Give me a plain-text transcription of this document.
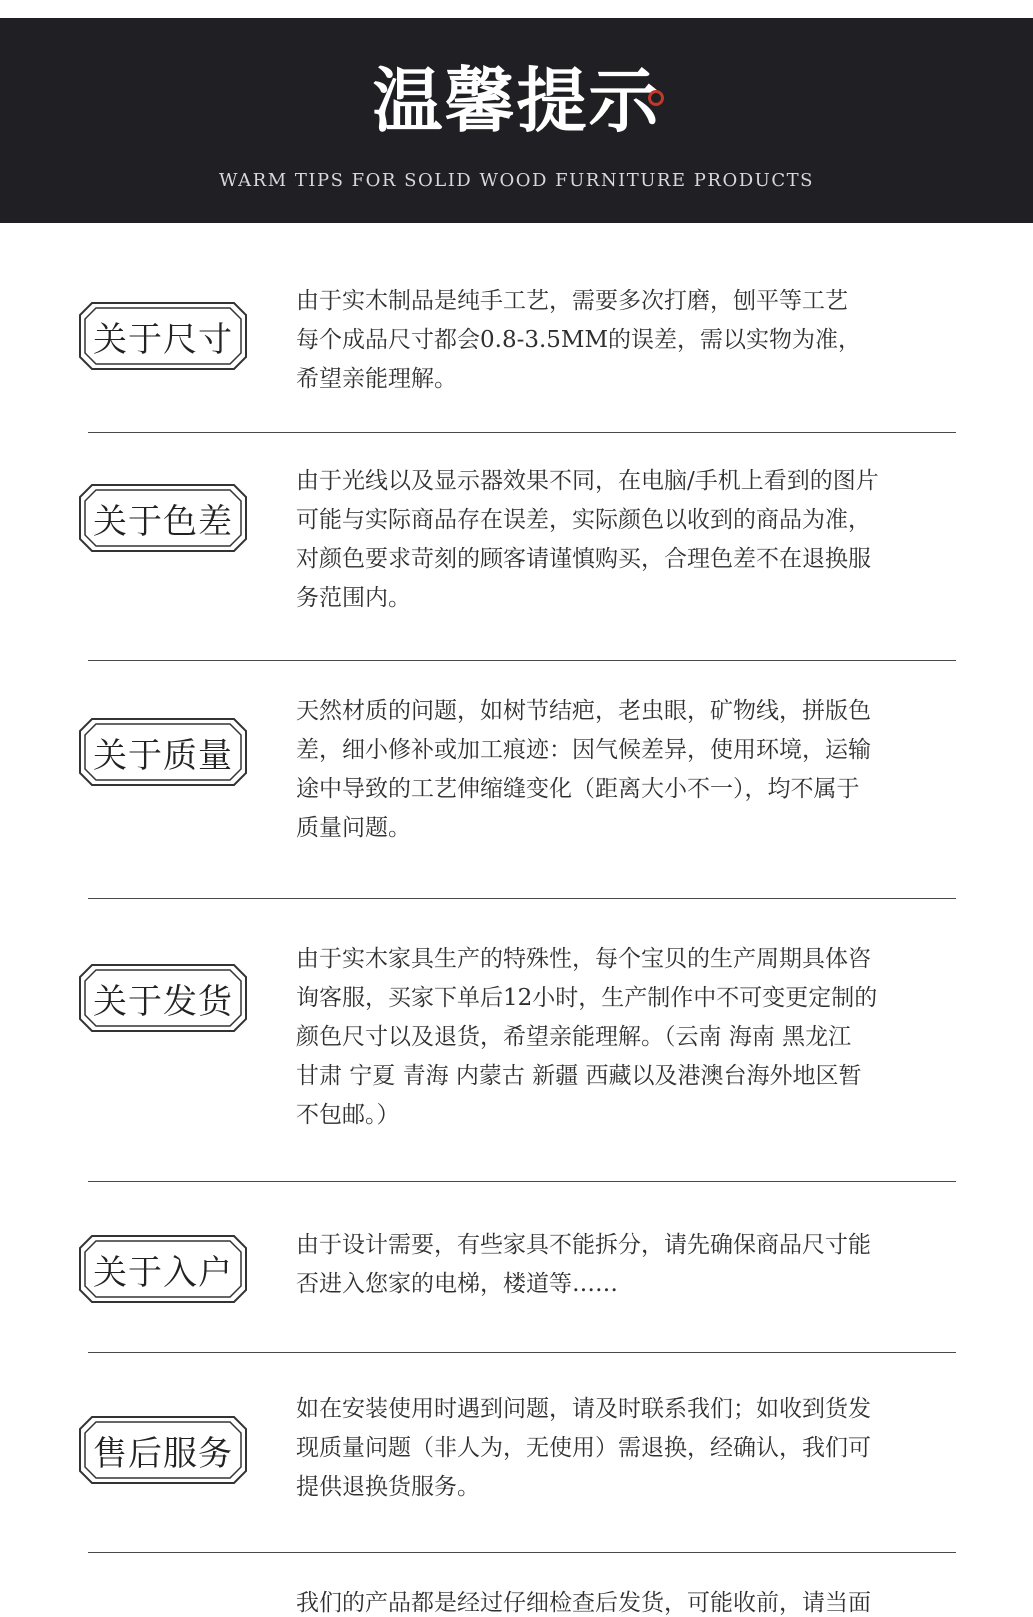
温馨提示
WARM TIPS FOR SOLID WOOD FURNITURE PRODUCTS
关于尺寸
由于实木制品是纯手工艺，需要多次打磨，刨平等工艺
每个成品尺寸都会0.8-3.5MM的误差，需以实物为准，
希望亲能理解。
关于色差
由于光线以及显示器效果不同，在电脑/手机上看到的图片
可能与实际商品存在误差，实际颜色以收到的商品为准，
对颜色要求苛刻的顾客请谨慎购买，合理色差不在退换服
务范围内。
关于质量
天然材质的问题，如树节结疤，老虫眼，矿物线，拼版色
差，细小修补或加工痕迹：因气候差异，使用环境，运输
途中导致的工艺伸缩缝变化（距离大小不一），均不属于
质量问题。
关于发货
由于实木家具生产的特殊性，每个宝贝的生产周期具体咨
询客服，买家下单后12小时，生产制作中不可变更定制的
颜色尺寸以及退货，希望亲能理解。（云南 海南 黑龙江
甘肃 宁夏 青海 内蒙古 新疆 西藏以及港澳台海外地区暂
不包邮。）
关于入户
由于设计需要，有些家具不能拆分，请先确保商品尺寸能
否进入您家的电梯，楼道等……
售后服务
如在安装使用时遇到问题，请及时联系我们；如收到货发
现质量问题（非人为，无使用）需退换，经确认，我们可
提供退换货服务。
我们的产品都是经过仔细检查后发货，可能收前，请当面
